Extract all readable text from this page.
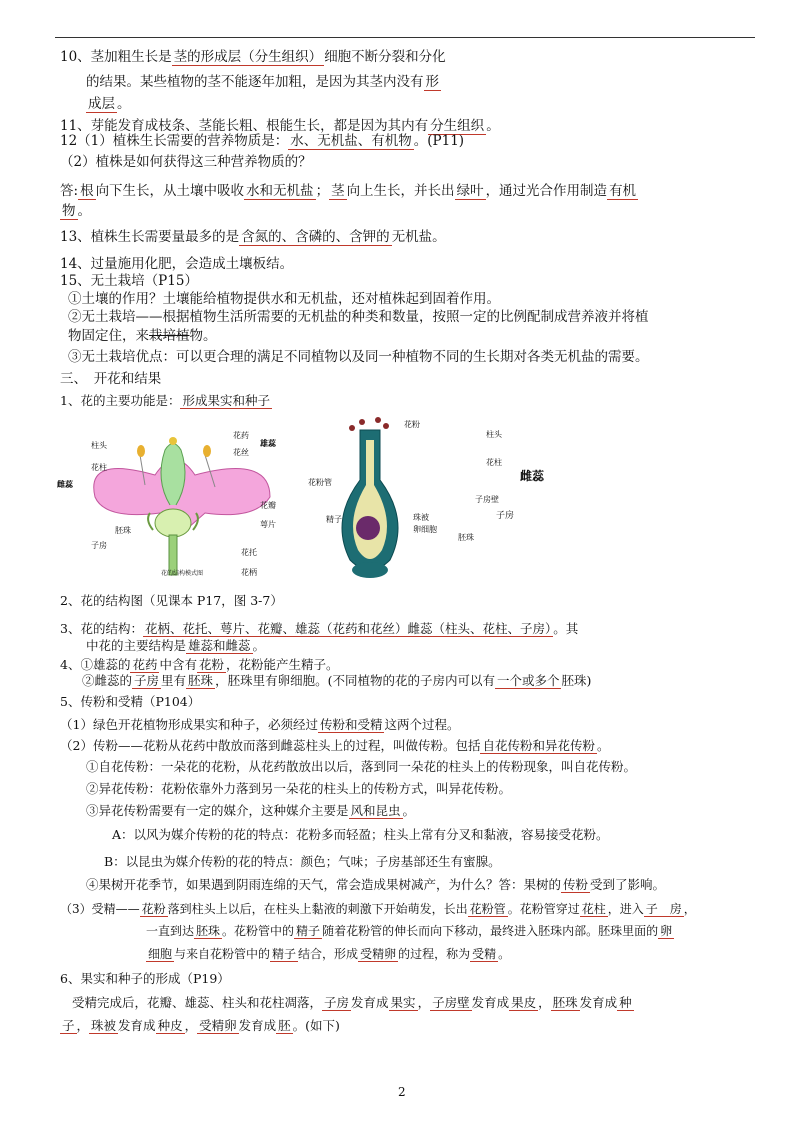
10、茎加粗生长是 茎的形成层（分生组织） 细胞不断分裂和分化
的结果。某些植物的茎不能逐年加粗，是因为其茎内没有 形
成层 。
11、芽能发育成枝条、茎能长粗、根能生长，都是因为其内有 分生组织 。
12（1）植株生长需要的营养物质是： 水、无机盐、有机物 。(P11)
（2）植株是如何获得这三种营养物质的？
答: 根 向下生长，从土壤中吸收 水和无机盐 ； 茎 向上生长，并长出 绿叶 ，通过光合作用制造 有机
物 。
13、植株生长需要量最多的是 含氮的、含磷的、含钾的 无机盐。
14、过量施用化肥，会造成土壤板结。
15、无土栽培（P15）
①土壤的作用？土壤能给植物提供水和无机盐，还对植株起到固着作用。
②无土栽培——根据植物生活所需要的无机盐的种类和数量，按照一定的比例配制成营养液并将植
物固定住，来栽培植物。
③无土栽培优点：可以更合理的满足不同植物以及同一种植物不同的生长期对各类无机盐的需要。
三、　开花和结果
1、花的主要功能是： 形成果实和种子
柱头
花柱
花药
花丝
雄蕊
雌蕊
花瓣
萼片
胚珠
子房
花托
花柄
花的结构模式图
花粉
柱头
花粉管
花柱
子房壁
珠被
精子
卵细胞
胚珠
雌蕊
子房
2、花的结构图（见课本 P17，图 3-7）
3、花的结构： 花柄、花托、萼片、花瓣、雄蕊（花药和花丝）雌蕊（柱头、花柱、子房） 。其
中花的主要结构是 雄蕊和雌蕊 。
4、①雄蕊的 花药 中含有 花粉 ，花粉能产生精子。
②雌蕊的 子房 里有 胚珠 ，胚珠里有卵细胞。(不同植物的花的子房内可以有 一个或多个 胚珠)
5、传粉和受精（P104）
（1）绿色开花植物形成果实和种子，必须经过 传粉和受精 这两个过程。
（2）传粉——花粉从花药中散放而落到雌蕊柱头上的过程，叫做传粉。包括 自花传粉和异花传粉 。
①自花传粉：一朵花的花粉，从花药散放出以后，落到同一朵花的柱头上的传粉现象，叫自花传粉。
②异花传粉：花粉依靠外力落到另一朵花的柱头上的传粉方式，叫异花传粉。
③异花传粉需要有一定的媒介，这种媒介主要是 风和昆虫 。
A：以风为媒介传粉的花的特点：花粉多而轻盈；柱头上常有分叉和黏液，容易接受花粉。
B：以昆虫为媒介传粉的花的特点：颜色；气味；子房基部还生有蜜腺。
④果树开花季节，如果遇到阴雨连绵的天气，常会造成果树减产，为什么？答：果树的 传粉 受到了影响。
（3）受精—— 花粉 落到柱头上以后，在柱头上黏液的刺激下开始萌发，长出 花粉管 。花粉管穿过 花柱 ，进入 子　房 ，
一直到达 胚珠 。花粉管中的 精子 随着花粉管的伸长而向下移动，最终进入胚珠内部。胚珠里面的 卵
细胞 与来自花粉管中的 精子 结合，形成 受精卵 的过程，称为 受精 。
6、果实和种子的形成（P19）
受精完成后，花瓣、雄蕊、柱头和花柱凋落， 子房 发育成 果实 ， 子房壁 发育成 果皮 ， 胚珠 发育成 种
子 ， 珠被 发育成 种皮 ， 受精卵 发育成 胚 。(如下)
2
